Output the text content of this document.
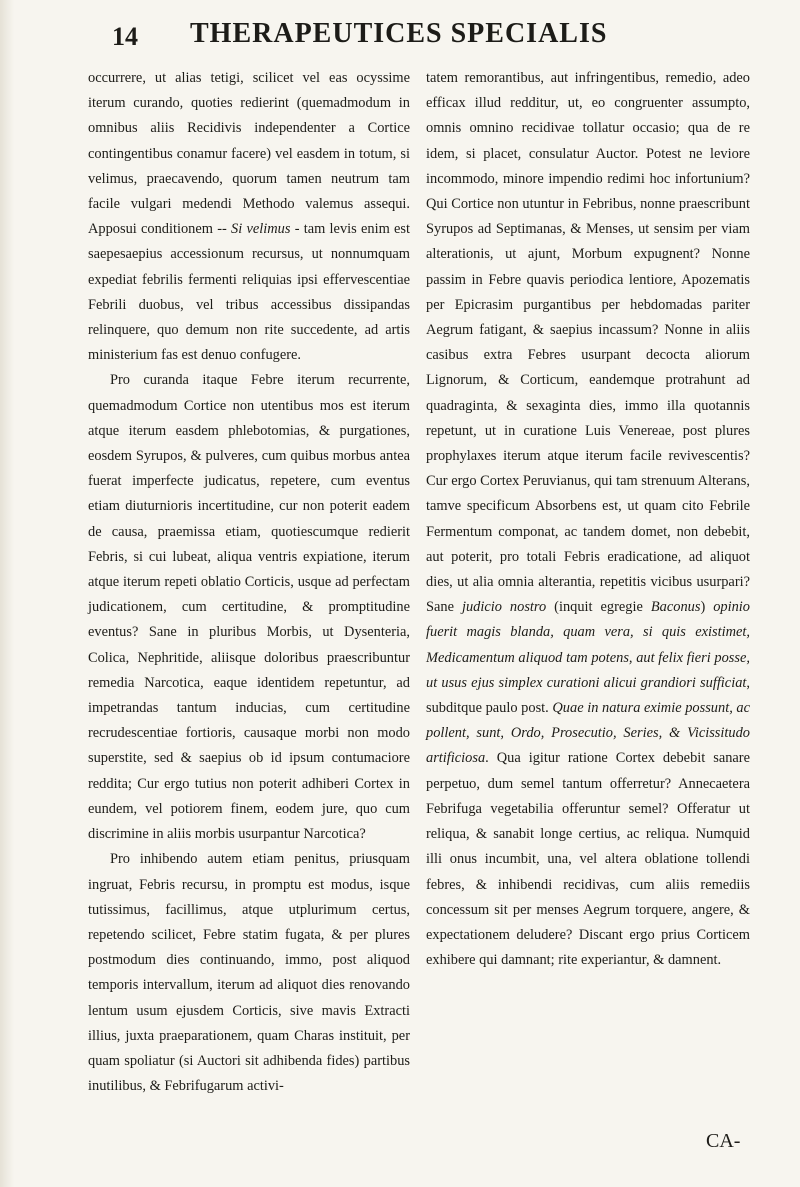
14 THERAPEUTICES SPECIALIS

occurrere, ut alias tetigi, scilicet vel eas ocyssime iterum curando, quoties redierint (quemadmodum in omnibus aliis Recidivis independenter a Cortice contingentibus conamur facere) vel easdem in totum, si velimus, praecavendo, quorum tamen neutrum tam facile vulgari medendi Methodo valemus assequi. Apposui conditionem -- Si velimus - tam levis enim est saepesaepius accessionum recursus, ut nonnumquam expediat febrilis fermenti reliquias ipsi effervescentiae Febrili duobus, vel tribus accessibus dissipandas relinquere, quo demum non rite succedente, ad artis ministerium fas est denuo confugere.

Pro curanda itaque Febre iterum recurrente, quemadmodum Cortice non utentibus mos est iterum atque iterum easdem phlebotomias, & purgationes, eosdem Syrupos, & pulveres, cum quibus morbus antea fuerat imperfecte judicatus, repetere, cum eventus etiam diuturnioris incertitudine, cur non poterit eadem de causa, praemissa etiam, quotiescumque redierit Febris, si cui lubeat, aliqua ventris expiatione, iterum atque iterum repeti oblatio Corticis, usque ad perfectam judicationem, cum certitudine, & promptitudine eventus? Sane in pluribus Morbis, ut Dysenteria, Colica, Nephritide, aliisque doloribus praescribuntur remedia Narcotica, eaque identidem repetuntur, ad impetrandas tantum inducias, cum certitudine recrudescentiae fortioris, causaque morbi non modo superstite, sed & saepius ob id ipsum contumaciore reddita; Cur ergo tutius non poterit adhiberi Cortex in eundem, vel potiorem finem, eodem jure, quo cum discrimine in aliis morbis usurpantur Narcotica?

Pro inhibendo autem etiam penitus, priusquam ingruat, Febris recursu, in promptu est modus, isque tutissimus, facillimus, atque utplurimum certus, repetendo scilicet, Febre statim fugata, & per plures postmodum dies continuando, immo, post aliquod temporis intervallum, iterum ad aliquot dies renovando lentum usum ejusdem Corticis, sive mavis Extracti illius, juxta praeparationem, quam Charas instituit, per quam spoliatur (si Auctori sit adhibenda fides) partibus inutilibus, & Febrifugarum activi-

tatem remorantibus, aut infringentibus, remedio, adeo efficax illud redditur, ut, eo congruenter assumpto, omnis omnino recidivae tollatur occasio; qua de re idem, si placet, consulatur Auctor. Potest ne leviore incommodo, minore impendio redimi hoc infortunium? Qui Cortice non utuntur in Febribus, nonne praescribunt Syrupos ad Septimanas, & Menses, ut sensim per viam alterationis, ut ajunt, Morbum expugnent? Nonne passim in Febre quavis periodica lentiore, Apozematis per Epicrasim purgantibus per hebdomadas pariter Aegrum fatigant, & saepius incassum? Nonne in aliis casibus extra Febres usurpant decocta aliorum Lignorum, & Corticum, eandemque protrahunt ad quadraginta, & sexaginta dies, immo illa quotannis repetunt, ut in curatione Luis Venereae, post plures prophylaxes iterum atque iterum facile revivescentis? Cur ergo Cortex Peruvianus, qui tam strenuum Alterans, tamve specificum Absorbens est, ut quam cito Febrile Fermentum componat, ac tandem domet, non debebit, aut poterit, pro totali Febris eradicatione, ad aliquot dies, ut alia omnia alterantia, repetitis vicibus usurpari? Sane judicio nostro (inquit egregie Baconus) opinio fuerit magis blanda, quam vera, si quis existimet, Medicamentum aliquod tam potens, aut felix fieri posse, ut usus ejus simplex curationi alicui grandiori sufficiat, subditque paulo post. Quae in natura eximie possunt, ac pollent, sunt, Ordo, Prosecutio, Series, & Vicissitudo artificiosa. Qua igitur ratione Cortex debebit sanare perpetuo, dum semel tantum offerretur? Annecaetera Febrifuga vegetabilia offeruntur semel? Offeratur ut reliqua, & sanabit longe certius, ac reliqua. Numquid illi onus incumbit, una, vel altera oblatione tollendi febres, & inhibendi recidivas, cum aliis remediis concessum sit per menses Aegrum torquere, angere, & expectationem deludere? Discant ergo prius Corticem exhibere qui damnant; rite experiantur, & damnent.

CA-
